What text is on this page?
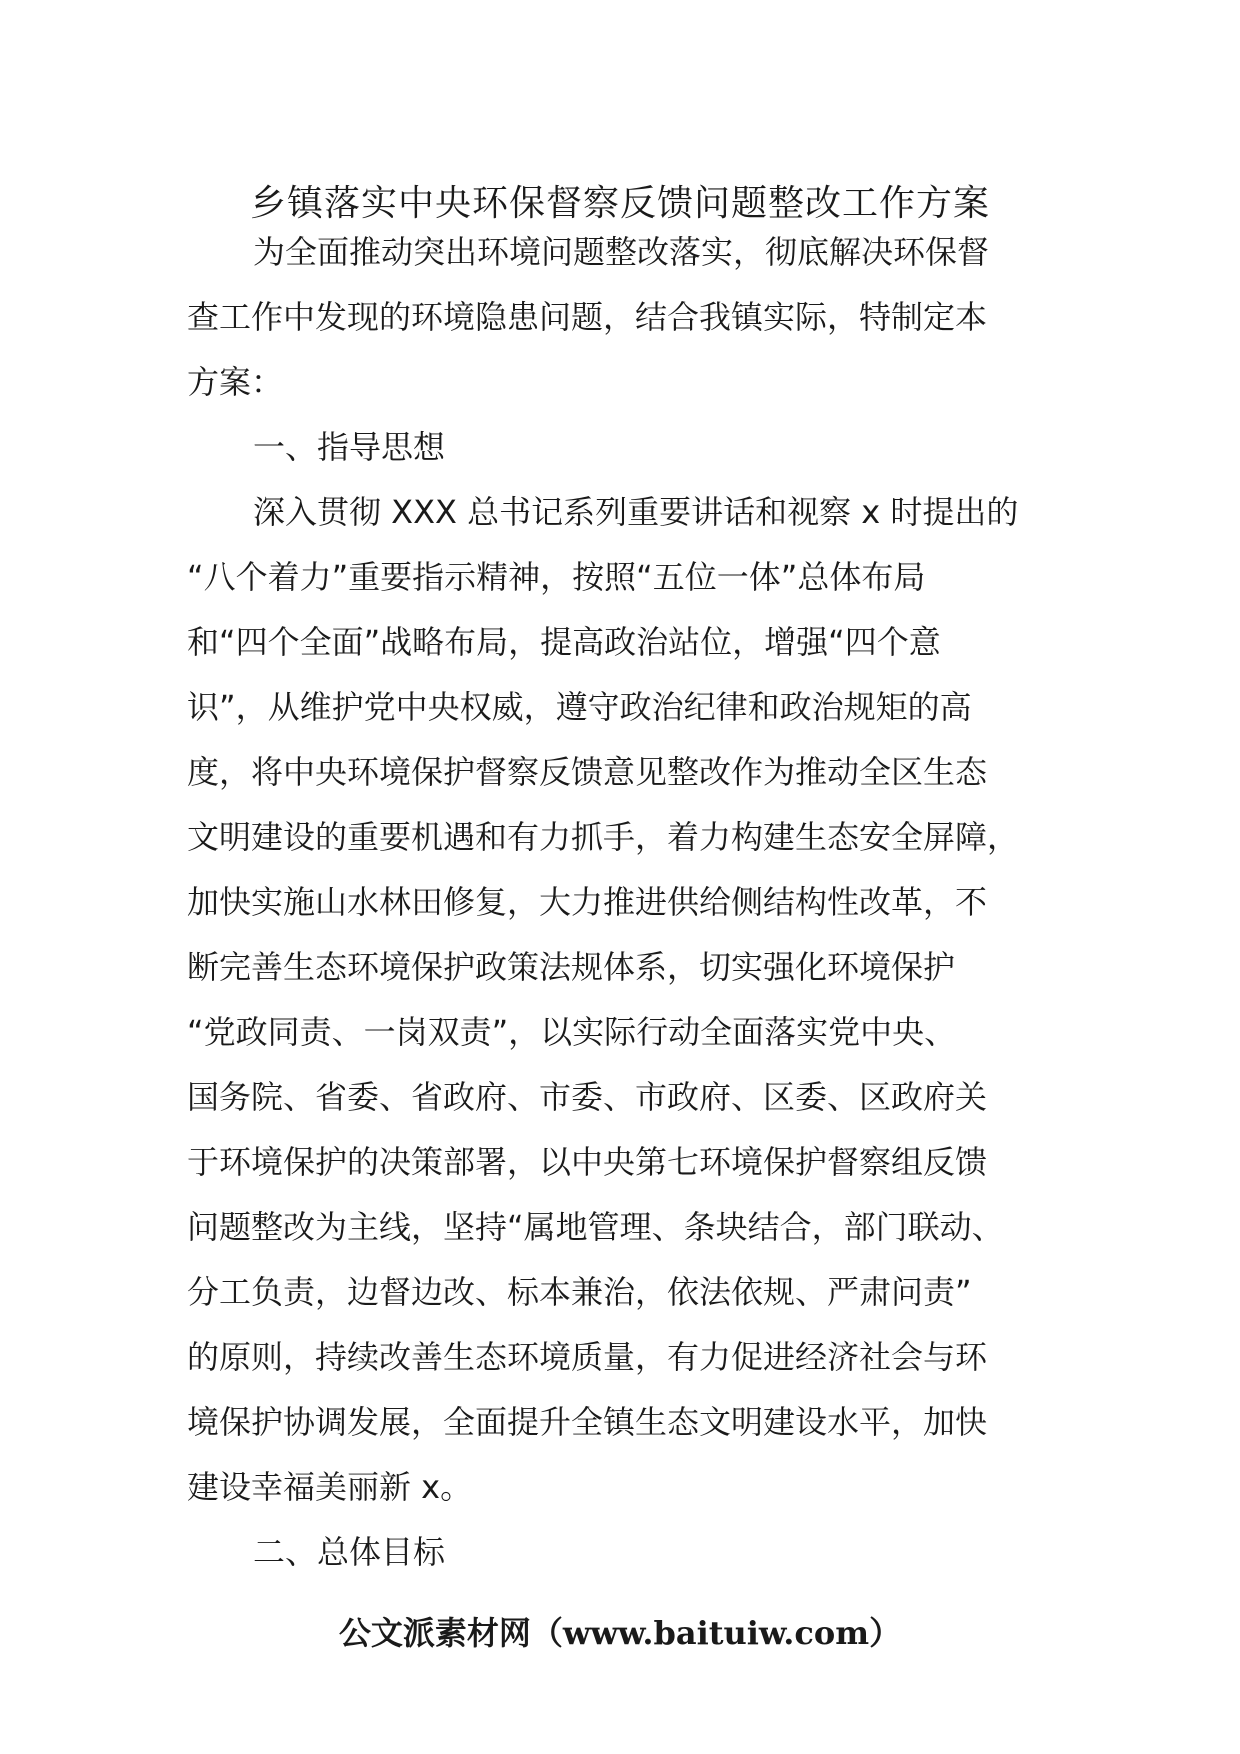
乡镇落实中央环保督察反馈问题整改工作方案
为全面推动突出环境问题整改落实，彻底解决环保督
查工作中发现的环境隐患问题，结合我镇实际，特制定本
方案：
一、指导思想
深入贯彻 XXX 总书记系列重要讲话和视察 x 时提出的
“八个着力”重要指示精神，按照“五位一体”总体布局
和“四个全面”战略布局，提高政治站位，增强“四个意
识”，从维护党中央权威，遵守政治纪律和政治规矩的高
度，将中央环境保护督察反馈意见整改作为推动全区生态
文明建设的重要机遇和有力抓手，着力构建生态安全屏障，
加快实施山水林田修复，大力推进供给侧结构性改革，不
断完善生态环境保护政策法规体系，切实强化环境保护
“党政同责、一岗双责”，以实际行动全面落实党中央、
国务院、省委、省政府、市委、市政府、区委、区政府关
于环境保护的决策部署，以中央第七环境保护督察组反馈
问题整改为主线，坚持“属地管理、条块结合，部门联动、
分工负责，边督边改、标本兼治，依法依规、严肃问责”
的原则，持续改善生态环境质量，有力促进经济社会与环
境保护协调发展，全面提升全镇生态文明建设水平，加快
建设幸福美丽新 x。
二、总体目标
公文派素材网（www.baituiw.com）
